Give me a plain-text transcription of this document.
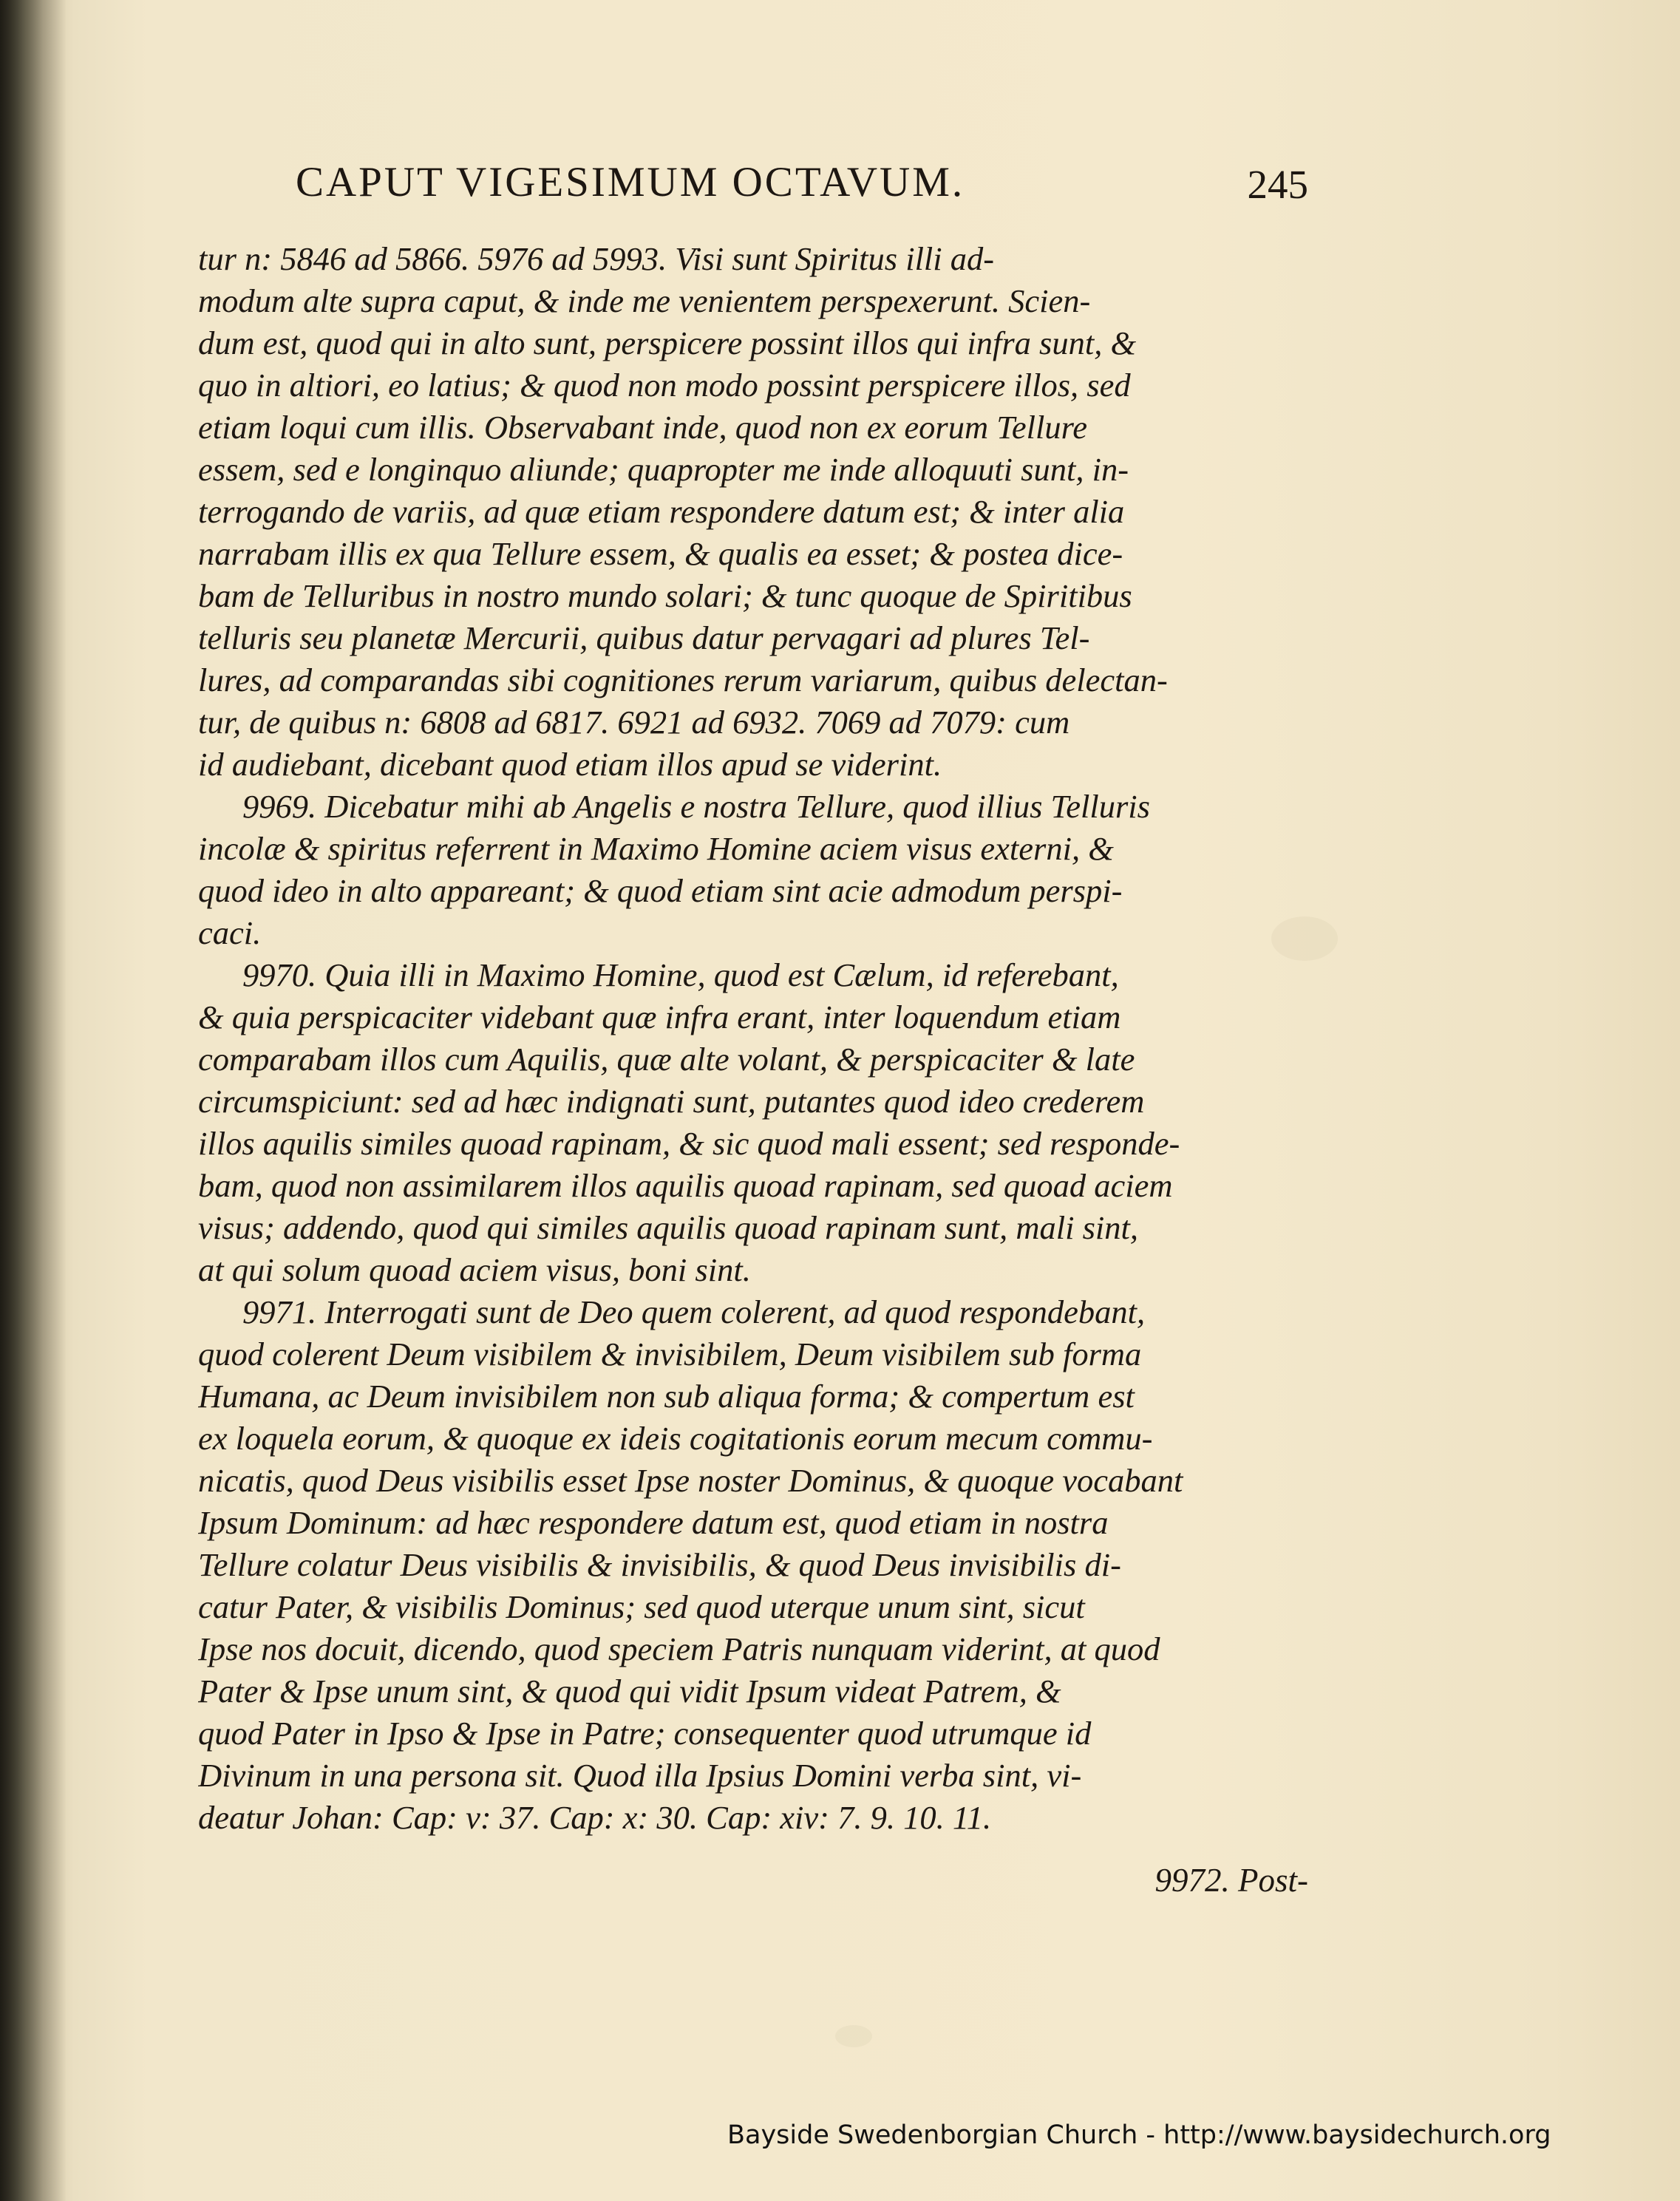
CAPUT VIGESIMUM OCTAVUM.	245
tur n: 5846 ad 5866. 5976 ad 5993. Visi sunt Spiritus illi ad-
modum alte supra caput, & inde me venientem perspexerunt. Scien-
dum est, quod qui in alto sunt, perspicere possint illos qui infra sunt, &
quo in altiori, eo latius; & quod non modo possint perspicere illos, sed
etiam loqui cum illis. Observabant inde, quod non ex eorum Tellure
essem, sed e longinquo aliunde; quapropter me inde alloquuti sunt, in-
terrogando de variis, ad quæ etiam respondere datum est; & inter alia
narrabam illis ex qua Tellure essem, & qualis ea esset; & postea dice-
bam de Telluribus in nostro mundo solari; & tunc quoque de Spiritibus
telluris seu planetæ Mercurii, quibus datur pervagari ad plures Tel-
lures, ad comparandas sibi cognitiones rerum variarum, quibus delectan-
tur, de quibus n: 6808 ad 6817. 6921 ad 6932. 7069 ad 7079: cum
id audiebant, dicebant quod etiam illos apud se viderint.
9969. Dicebatur mihi ab Angelis e nostra Tellure, quod illius Telluris
incolæ & spiritus referrent in Maximo Homine aciem visus externi, &
quod ideo in alto appareant; & quod etiam sint acie admodum perspi-
caci.
9970. Quia illi in Maximo Homine, quod est Cælum, id referebant,
& quia perspicaciter videbant quæ infra erant, inter loquendum etiam
comparabam illos cum Aquilis, quæ alte volant, & perspicaciter & late
circumspiciunt: sed ad hæc indignati sunt, putantes quod ideo crederem
illos aquilis similes quoad rapinam, & sic quod mali essent; sed responde-
bam, quod non assimilarem illos aquilis quoad rapinam, sed quoad aciem
visus; addendo, quod qui similes aquilis quoad rapinam sunt, mali sint,
at qui solum quoad aciem visus, boni sint.
9971. Interrogati sunt de Deo quem colerent, ad quod respondebant,
quod colerent Deum visibilem & invisibilem, Deum visibilem sub forma
Humana, ac Deum invisibilem non sub aliqua forma; & compertum est
ex loquela eorum, & quoque ex ideis cogitationis eorum mecum commu-
nicatis, quod Deus visibilis esset Ipse noster Dominus, & quoque vocabant
Ipsum Dominum: ad hæc respondere datum est, quod etiam in nostra
Tellure colatur Deus visibilis & invisibilis, & quod Deus invisibilis di-
catur Pater, & visibilis Dominus; sed quod uterque unum sint, sicut
Ipse nos docuit, dicendo, quod speciem Patris nunquam viderint, at quod
Pater & Ipse unum sint, & quod qui vidit Ipsum videat Patrem, &
quod Pater in Ipso & Ipse in Patre; consequenter quod utrumque id
Divinum in una persona sit. Quod illa Ipsius Domini verba sint, vi-
deatur Johan: Cap: v: 37. Cap: x: 30. Cap: xiv: 7. 9. 10. 11.
9972. Post-
Bayside Swedenborgian Church - http://www.baysidechurch.org
